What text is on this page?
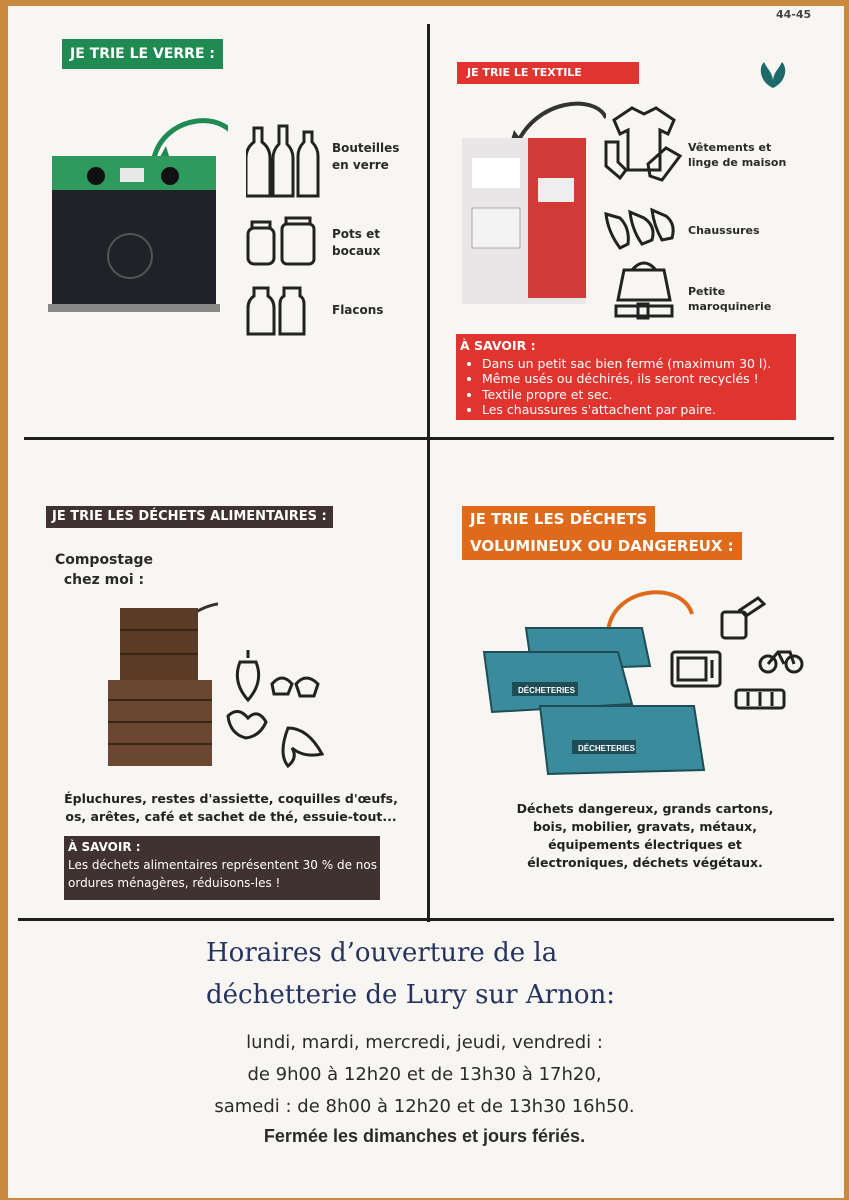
44-45
JE TRIE LE VERRE :
Bouteilles en verre
Pots et bocaux
Flacons
JE TRIE LE TEXTILE
Vêtements et linge de maison
Chaussures
Petite maroquinerie
À SAVOIR :
• Dans un petit sac bien fermé (maximum 30 l).
• Même usés ou déchirés, ils seront recyclés !
• Textile propre et sec.
• Les chaussures s'attachent par paire.
JE TRIE LES DÉCHETS ALIMENTAIRES :
Compostage chez moi :
Épluchures, restes d'assiette, coquilles d'œufs, os, arêtes, café et sachet de thé, essuie-tout...
À SAVOIR :
Les déchets alimentaires représentent 30 % de nos ordures ménagères, réduisons-les !
JE TRIE LES DÉCHETS
VOLUMINEUX OU DANGEREUX :
DÉCHETERIES
DÉCHETERIES
Déchets dangereux, grands cartons, bois, mobilier, gravats, métaux, équipements électriques et électroniques, déchets végétaux.
Horaires d’ouverture de la
déchetterie de Lury sur Arnon:
lundi, mardi, mercredi, jeudi, vendredi :
de 9h00 à 12h20 et de 13h30 à 17h20,
samedi : de 8h00 à 12h20 et de 13h30 16h50.
Fermée les dimanches et jours fériés.
